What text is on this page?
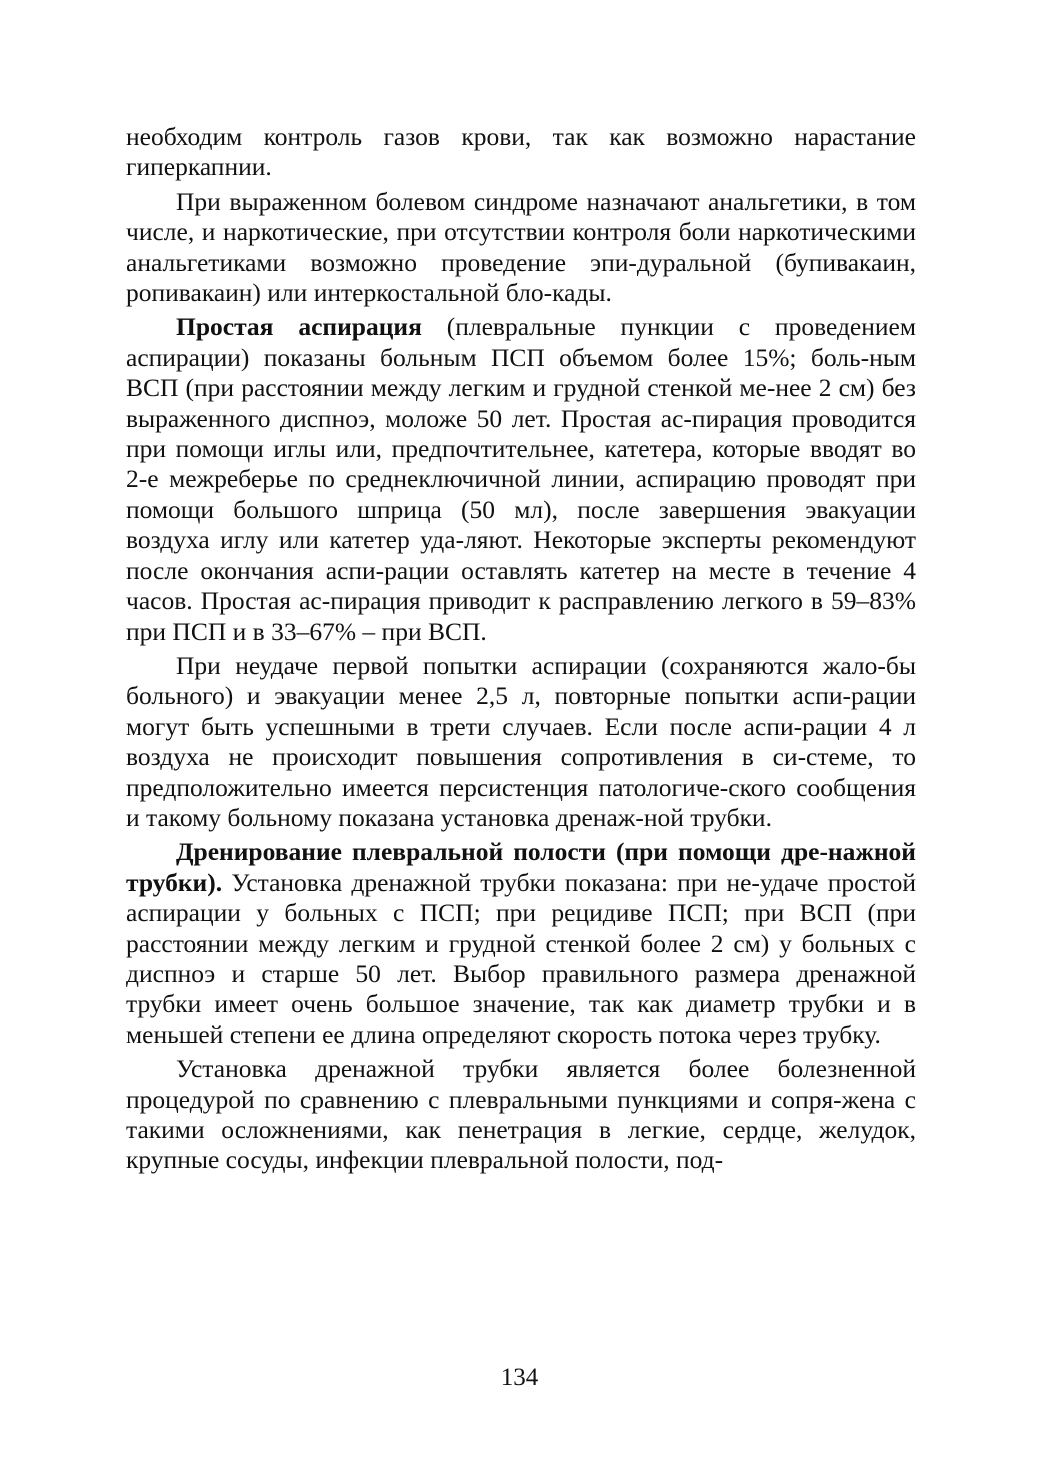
необходим контроль газов крови, так как возможно нарастание гиперкапнии.

При выраженном болевом синдроме назначают анальгетики, в том числе, и наркотические, при отсутствии контроля боли наркотическими анальгетиками возможно проведение эпи-дуральной (бупивакаин, ропивакаин) или интеркостальной бло-кады.

Простая аспирация (плевральные пункции с проведением аспирации) показаны больным ПСП объемом более 15%; боль-ным ВСП (при расстоянии между легким и грудной стенкой ме-нее 2 см) без выраженного диспноэ, моложе 50 лет. Простая ас-пирация проводится при помощи иглы или, предпочтительнее, катетера, которые вводят во 2-е межреберье по среднеключичной линии, аспирацию проводят при помощи большого шприца (50 мл), после завершения эвакуации воздуха иглу или катетер уда-ляют. Некоторые эксперты рекомендуют после окончания аспи-рации оставлять катетер на месте в течение 4 часов. Простая ас-пирация приводит к расправлению легкого в 59–83% при ПСП и в 33–67% – при ВСП.

При неудаче первой попытки аспирации (сохраняются жало-бы больного) и эвакуации менее 2,5 л, повторные попытки аспи-рации могут быть успешными в трети случаев. Если после аспи-рации 4 л воздуха не происходит повышения сопротивления в си-стеме, то предположительно имеется персистенция патологиче-ского сообщения и такому больному показана установка дренаж-ной трубки.

Дренирование плевральной полости (при помощи дре-нажной трубки). Установка дренажной трубки показана: при не-удаче простой аспирации у больных с ПСП; при рецидиве ПСП; при ВСП (при расстоянии между легким и грудной стенкой более 2 см) у больных с диспноэ и старше 50 лет. Выбор правильного размера дренажной трубки имеет очень большое значение, так как диаметр трубки и в меньшей степени ее длина определяют скорость потока через трубку.

Установка дренажной трубки является более болезненной процедурой по сравнению с плевральными пункциями и сопря-жена с такими осложнениями, как пенетрация в легкие, сердце, желудок, крупные сосуды, инфекции плевральной полости, под-

134
